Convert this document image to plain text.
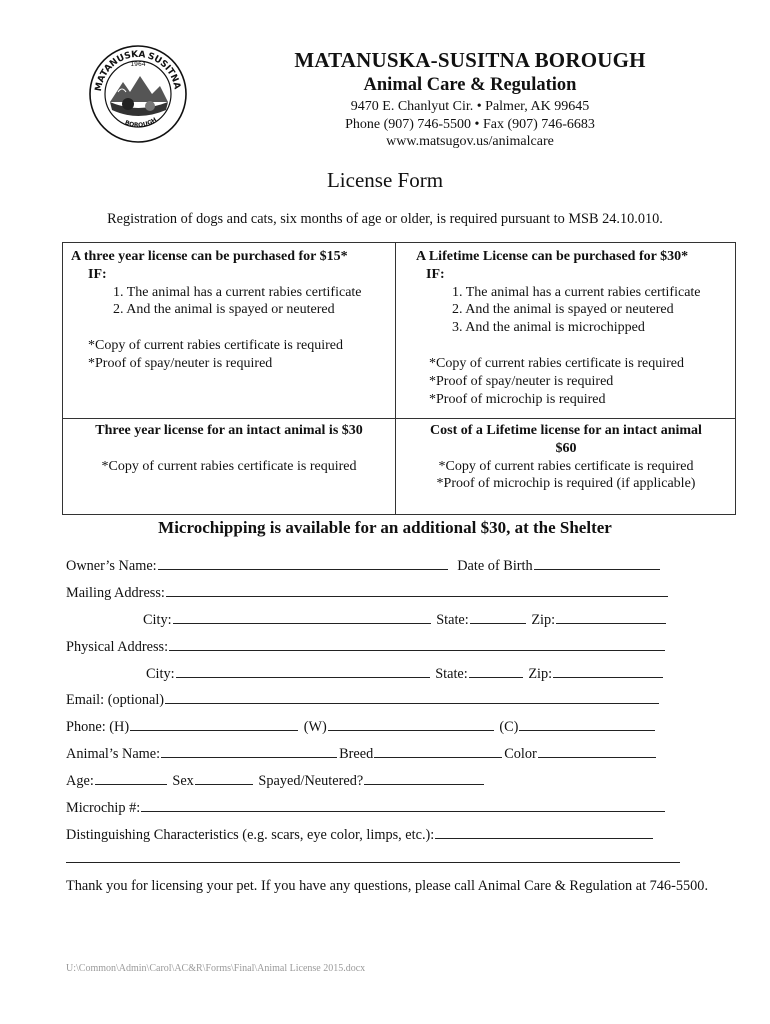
MATANUSKA
1964
SUSITNA
BOROUGH
MATANUSKA-SUSITNA BOROUGH
Animal Care & Regulation
9470 E. Chanlyut Cir. • Palmer, AK 99645
Phone (907) 746-5500 • Fax (907) 746-6683
www.matsugov.us/animalcare
License Form
Registration of dogs and cats, six months of age or older, is required pursuant to MSB 24.10.010.
A three year license can be purchased for $15*
IF:
1. The animal has a current rabies certificate
2. And the animal is spayed or neutered
*Copy of current rabies certificate is required
*Proof of spay/neuter is required
A Lifetime License can be purchased for $30*
IF:
1. The animal has a current rabies certificate
2. And the animal is spayed or neutered
3. And the animal is microchipped
*Copy of current rabies certificate is required
*Proof of spay/neuter is required
*Proof of microchip is required
Three year license for an intact animal is $30
*Copy of current rabies certificate is required
Cost of a Lifetime license for an intact animal
$60
*Copy of current rabies certificate is required
*Proof of microchip is required (if applicable)
Microchipping is available for an additional $30, at the Shelter
Owner’s Name:	Date of Birth
Mailing Address:
City:	State:	Zip:
Physical Address:
City:	State:	Zip:
Email: (optional)
Phone: (H)	(W)	(C)
Animal’s Name:	Breed	Color
Age:	Sex	Spayed/Neutered?
Microchip #:
Distinguishing Characteristics (e.g. scars, eye color, limps, etc.):
Thank you for licensing your pet. If you have any questions, please call Animal Care & Regulation at 746-5500.
U:\Common\Admin\Carol\AC&R\Forms\Final\Animal License 2015.docx
